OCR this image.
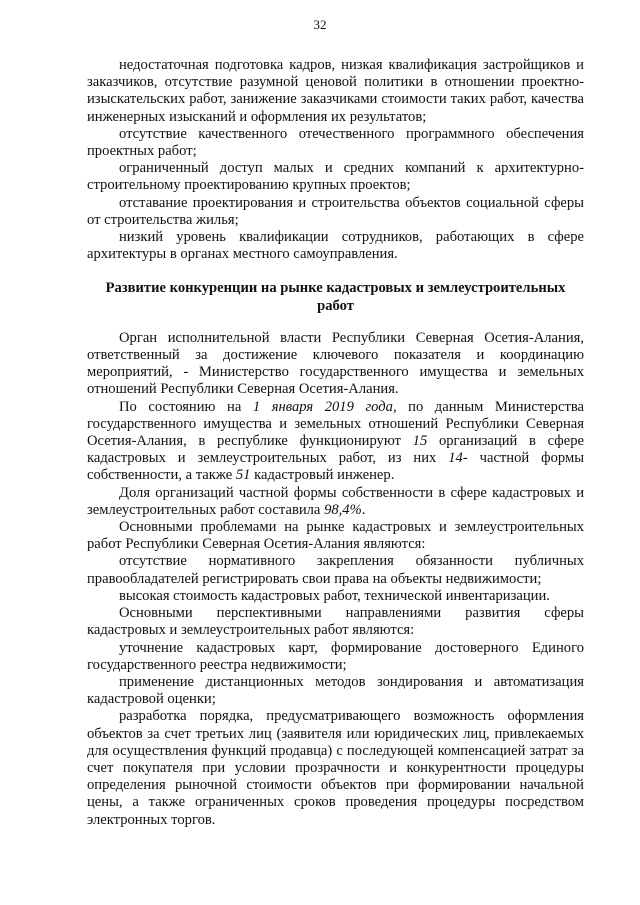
32

недостаточная подготовка кадров, низкая квалификация застройщиков и заказчиков, отсутствие разумной ценовой политики в отношении проектно-изыскательских работ, занижение заказчиками стоимости таких работ, качества инженерных изысканий и оформления их результатов;

отсутствие качественного отечественного программного обеспечения проектных работ;

ограниченный доступ малых и средних компаний к архитектурно-строительному проектированию крупных проектов;

отставание проектирования и строительства объектов социальной сферы от строительства жилья;

низкий уровень квалификации сотрудников, работающих в сфере архитектуры в органах местного самоуправления.

Развитие конкуренции на рынке кадастровых и землеустроительных работ

Орган исполнительной власти Республики Северная Осетия-Алания, ответственный за достижение ключевого показателя и координацию мероприятий, - Министерство государственного имущества и земельных отношений Республики Северная Осетия-Алания.

По состоянию на 1 января 2019 года, по данным Министерства государственного имущества и земельных отношений Республики Северная Осетия-Алания, в республике функционируют 15 организаций в сфере кадастровых и землеустроительных работ, из них 14- частной формы собственности, а также 51 кадастровый инженер.

Доля организаций частной формы собственности в сфере кадастровых и землеустроительных работ составила 98,4%.

Основными проблемами на рынке кадастровых и землеустроительных работ Республики Северная Осетия-Алания являются:

отсутствие нормативного закрепления обязанности публичных правообладателей регистрировать свои права на объекты недвижимости;

высокая стоимость кадастровых работ, технической инвентаризации.

Основными перспективными направлениями развития сферы кадастровых и землеустроительных работ являются:

уточнение кадастровых карт, формирование достоверного Единого государственного реестра недвижимости;

применение дистанционных методов зондирования и автоматизация кадастровой оценки;

разработка порядка, предусматривающего возможность оформления объектов за счет третьих лиц (заявителя или юридических лиц, привлекаемых для осуществления функций продавца) с последующей компенсацией затрат за счет покупателя при условии прозрачности и конкурентности процедуры определения рыночной стоимости объектов при формировании начальной цены, а также ограниченных сроков проведения процедуры посредством электронных торгов.
